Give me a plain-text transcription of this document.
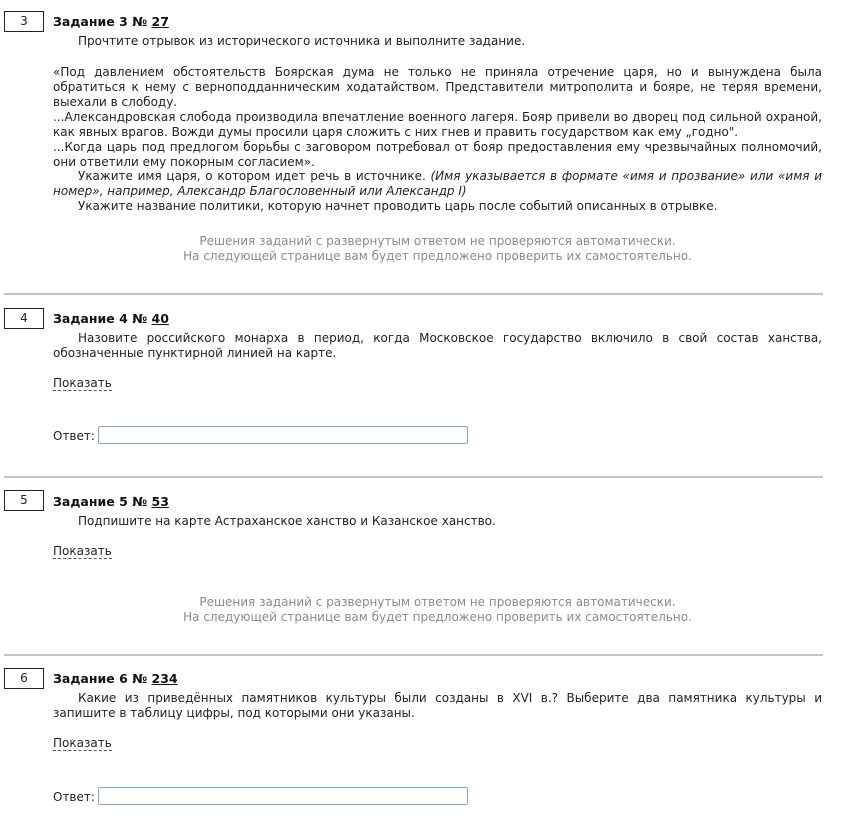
3	Задание 3 № 27

Прочтите отрывок из исторического источника и выполните задание.

«Под давлением обстоятельств Боярская дума не только не приняла отречение царя, но и вынуждена была обратиться к нему с верноподданническим ходатайством. Представители митрополита и бояре, не теряя времени, выехали в слободу.
...Александровская слобода производила впечатление военного лагеря. Бояр привели во дворец под сильной охраной, как явных врагов. Вожди думы просили царя сложить с них гнев и править государством как ему „годно".
...Когда царь под предлогом борьбы с заговором потребовал от бояр предоставления ему чрезвычайных полномочий, они ответили ему покорным согласием».

Укажите имя царя, о котором идет речь в источнике. (Имя указывается в формате «имя и прозвание» или «имя и номер», например, Александр Благословенный или Александр I)

Укажите название политики, которую начнет проводить царь после событий описанных в отрывке.

Решения заданий с развернутым ответом не проверяются автоматически.
На следующей странице вам будет предложено проверить их самостоятельно.
4	Задание 4 № 40

Назовите российского монарха в период, когда Московское государство включило в свой состав ханства, обозначенные пунктирной линией на карте.

Показать
Ответ:
5	Задание 5 № 53

Подпишите на карте Астраханское ханство и Казанское ханство.

Показать
Решения заданий с развернутым ответом не проверяются автоматически.
На следующей странице вам будет предложено проверить их самостоятельно.
6	Задание 6 № 234

Какие из приведённых памятников культуры были созданы в XVI в.? Выберите два памятника культуры и запишите в таблицу цифры, под которыми они указаны.

Показать
Ответ:
